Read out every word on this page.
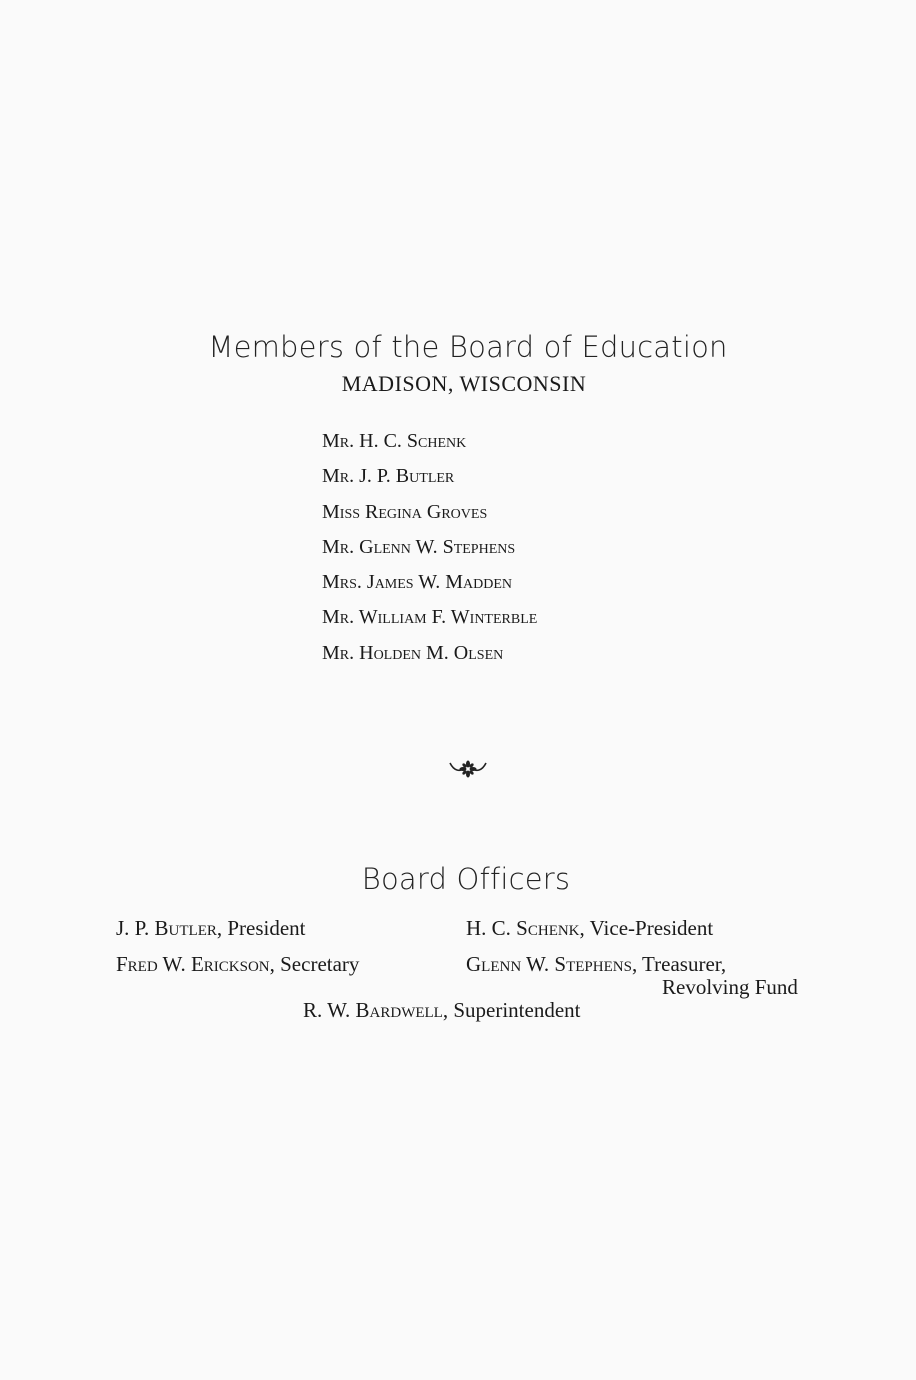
Members of the Board of Education
MADISON, WISCONSIN
Mr. H. C. Schenk
Mr. J. P. Butler
Miss Regina Groves
Mr. Glenn W. Stephens
Mrs. James W. Madden
Mr. William F. Winterble
Mr. Holden M. Olsen
Board Officers
J. P. Butler, President	H. C. Schenk, Vice-President
Fred W. Erickson, Secretary	Glenn W. Stephens, Treasurer,
Revolving Fund
R. W. Bardwell, Superintendent
